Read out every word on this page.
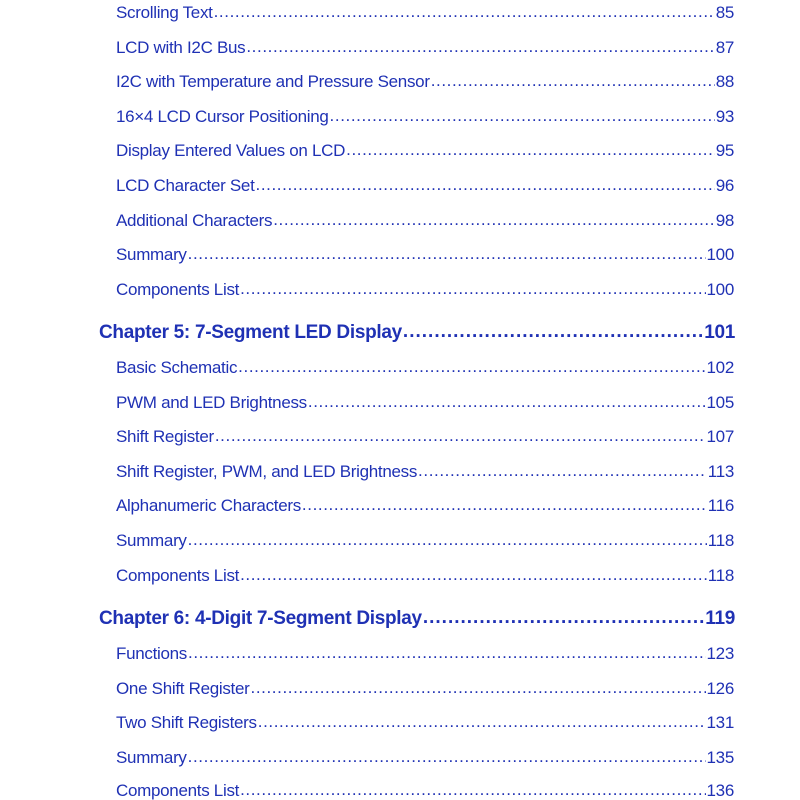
Scrolling Text .....	85
LCD with I2C Bus .....	87
I2C with Temperature and Pressure Sensor .....	88
16×4 LCD Cursor Positioning .....	93
Display Entered Values on LCD .....	95
LCD Character Set .....	96
Additional Characters .....	98
Summary .....	100
Components List .....	100
Chapter 5: 7-Segment LED Display .....	101
Basic Schematic .....	102
PWM and LED Brightness .....	105
Shift Register .....	107
Shift Register, PWM, and LED Brightness .....	113
Alphanumeric Characters .....	116
Summary .....	118
Components List .....	118
Chapter 6: 4-Digit 7-Segment Display .....	119
Functions .....	123
One Shift Register .....	126
Two Shift Registers .....	131
Summary .....	135
Components List .....	136
